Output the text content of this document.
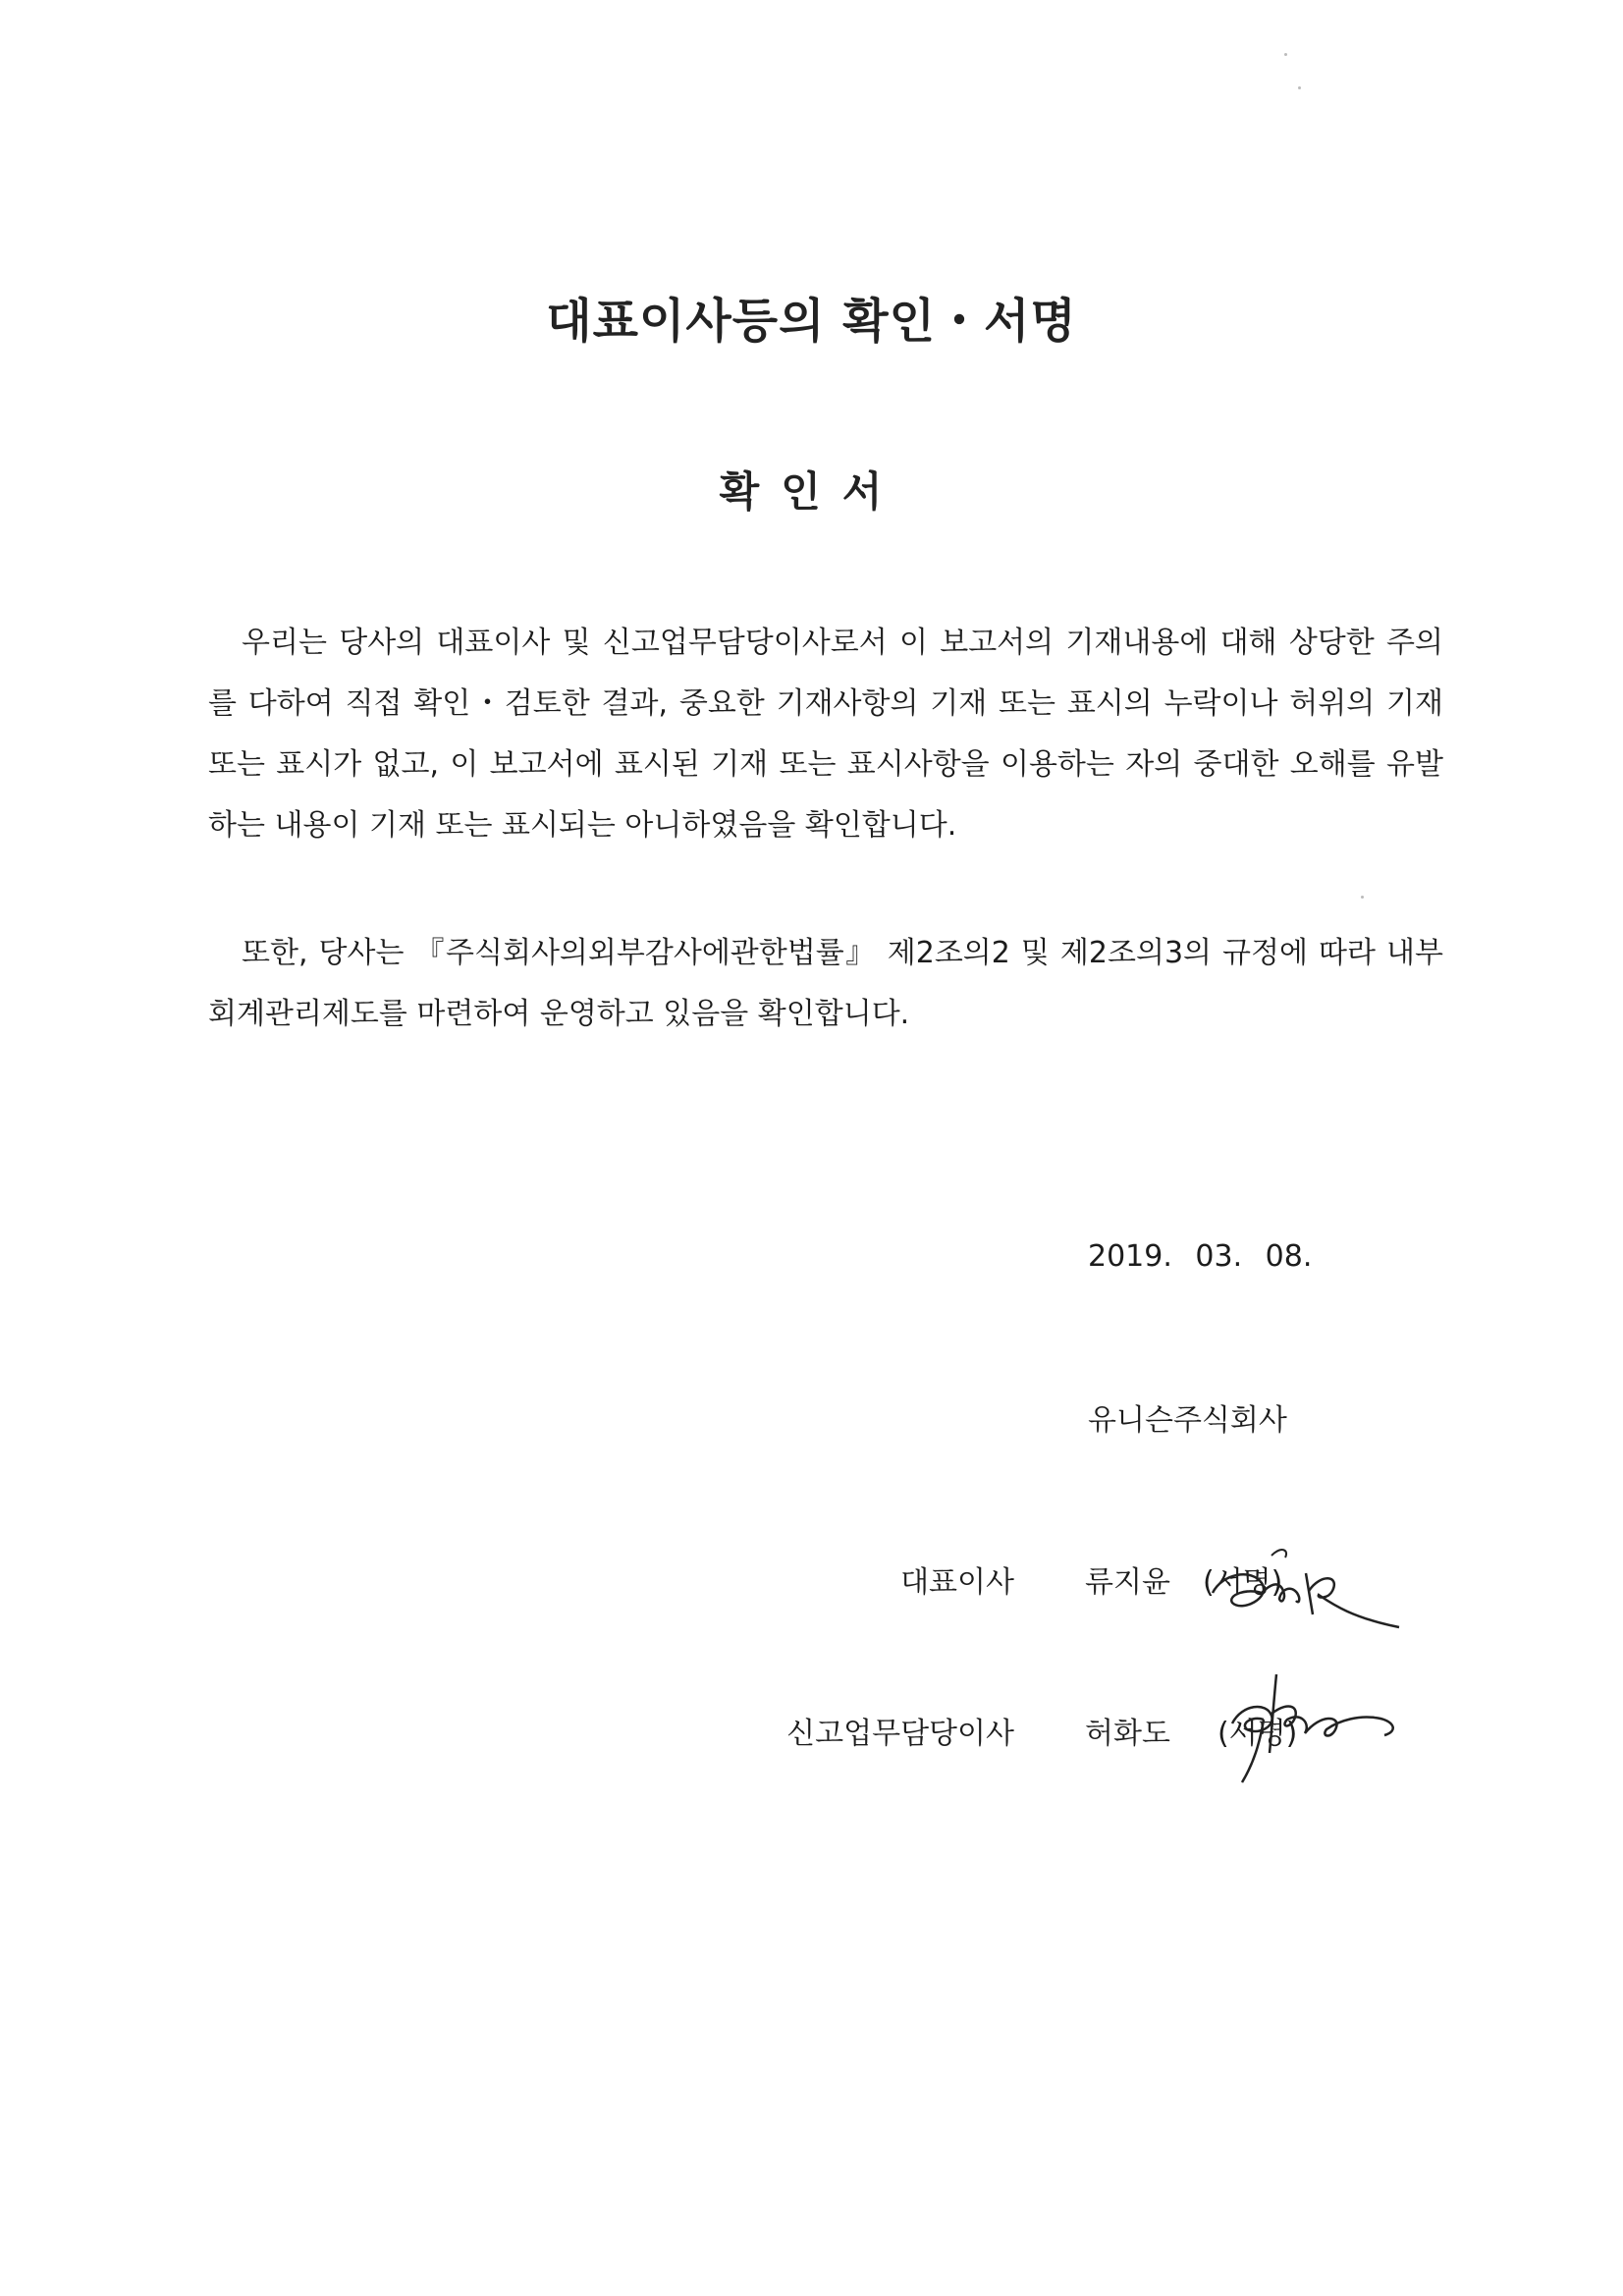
대표이사등의 확인・서명
확인서

우리는 당사의 대표이사 및 신고업무담당이사로서 이 보고서의 기재내용에 대해 상당한 주의를 다하여 직접 확인・검토한 결과, 중요한 기재사항의 기재 또는 표시의 누락이나 허위의 기재 또는 표시가 없고, 이 보고서에 표시된 기재 또는 표시사항을 이용하는 자의 중대한 오해를 유발하는 내용이 기재 또는 표시되는 아니하였음을 확인합니다.

또한, 당사는 『주식회사의외부감사에관한법률』 제2조의2 및 제2조의3의 규정에 따라 내부회계관리제도를 마련하여 운영하고 있음을 확인합니다.

2019. 03. 08.
유니슨주식회사
대표이사 류지윤 (서명)
신고업무담당이사 허화도 (서명)
